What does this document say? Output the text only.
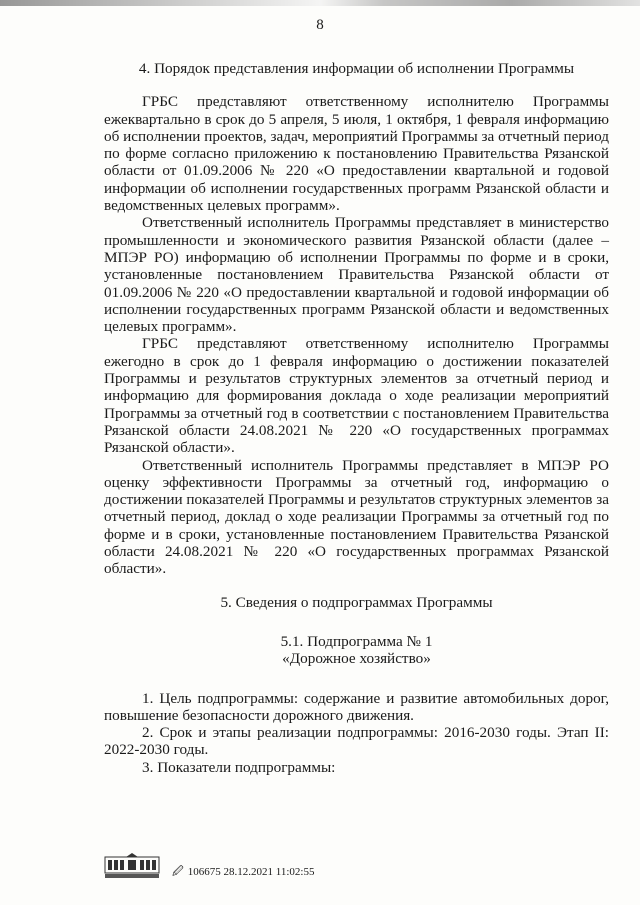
8
4. Порядок представления информации об исполнении Программы

ГРБС представляют ответственному исполнителю Программы ежеквартально в срок до 5 апреля, 5 июля, 1 октября, 1 февраля информацию об исполнении проектов, задач, мероприятий Программы за отчетный период по форме согласно приложению к постановлению Правительства Рязанской области от 01.09.2006 № 220 «О предоставлении квартальной и годовой информации об исполнении государственных программ Рязанской области и ведомственных целевых программ».

Ответственный исполнитель Программы представляет в министерство промышленности и экономического развития Рязанской области (далее – МПЭР РО) информацию об исполнении Программы по форме и в сроки, установленные постановлением Правительства Рязанской области от 01.09.2006 № 220 «О предоставлении квартальной и годовой информации об исполнении государственных программ Рязанской области и ведомственных целевых программ».

ГРБС представляют ответственному исполнителю Программы ежегодно в срок до 1 февраля информацию о достижении показателей Программы и результатов структурных элементов за отчетный период и информацию для формирования доклада о ходе реализации мероприятий Программы за отчетный год в соответствии с постановлением Правительства Рязанской области 24.08.2021 № 220 «О государственных программах Рязанской области».

Ответственный исполнитель Программы представляет в МПЭР РО оценку эффективности Программы за отчетный год, информацию о достижении показателей Программы и результатов структурных элементов за отчетный период, доклад о ходе реализации Программы за отчетный год по форме и в сроки, установленные постановлением Правительства Рязанской области 24.08.2021 № 220 «О государственных программах Рязанской области».

5. Сведения о подпрограммах Программы
5.1. Подпрограмма № 1
«Дорожное хозяйство»

1. Цель подпрограммы: содержание и развитие автомобильных дорог, повышение безопасности дорожного движения.

2. Срок и этапы реализации подпрограммы: 2016-2030 годы. Этап II: 2022-2030 годы.

3. Показатели подпрограммы:

🖉 106675 28.12.2021 11:02:55
